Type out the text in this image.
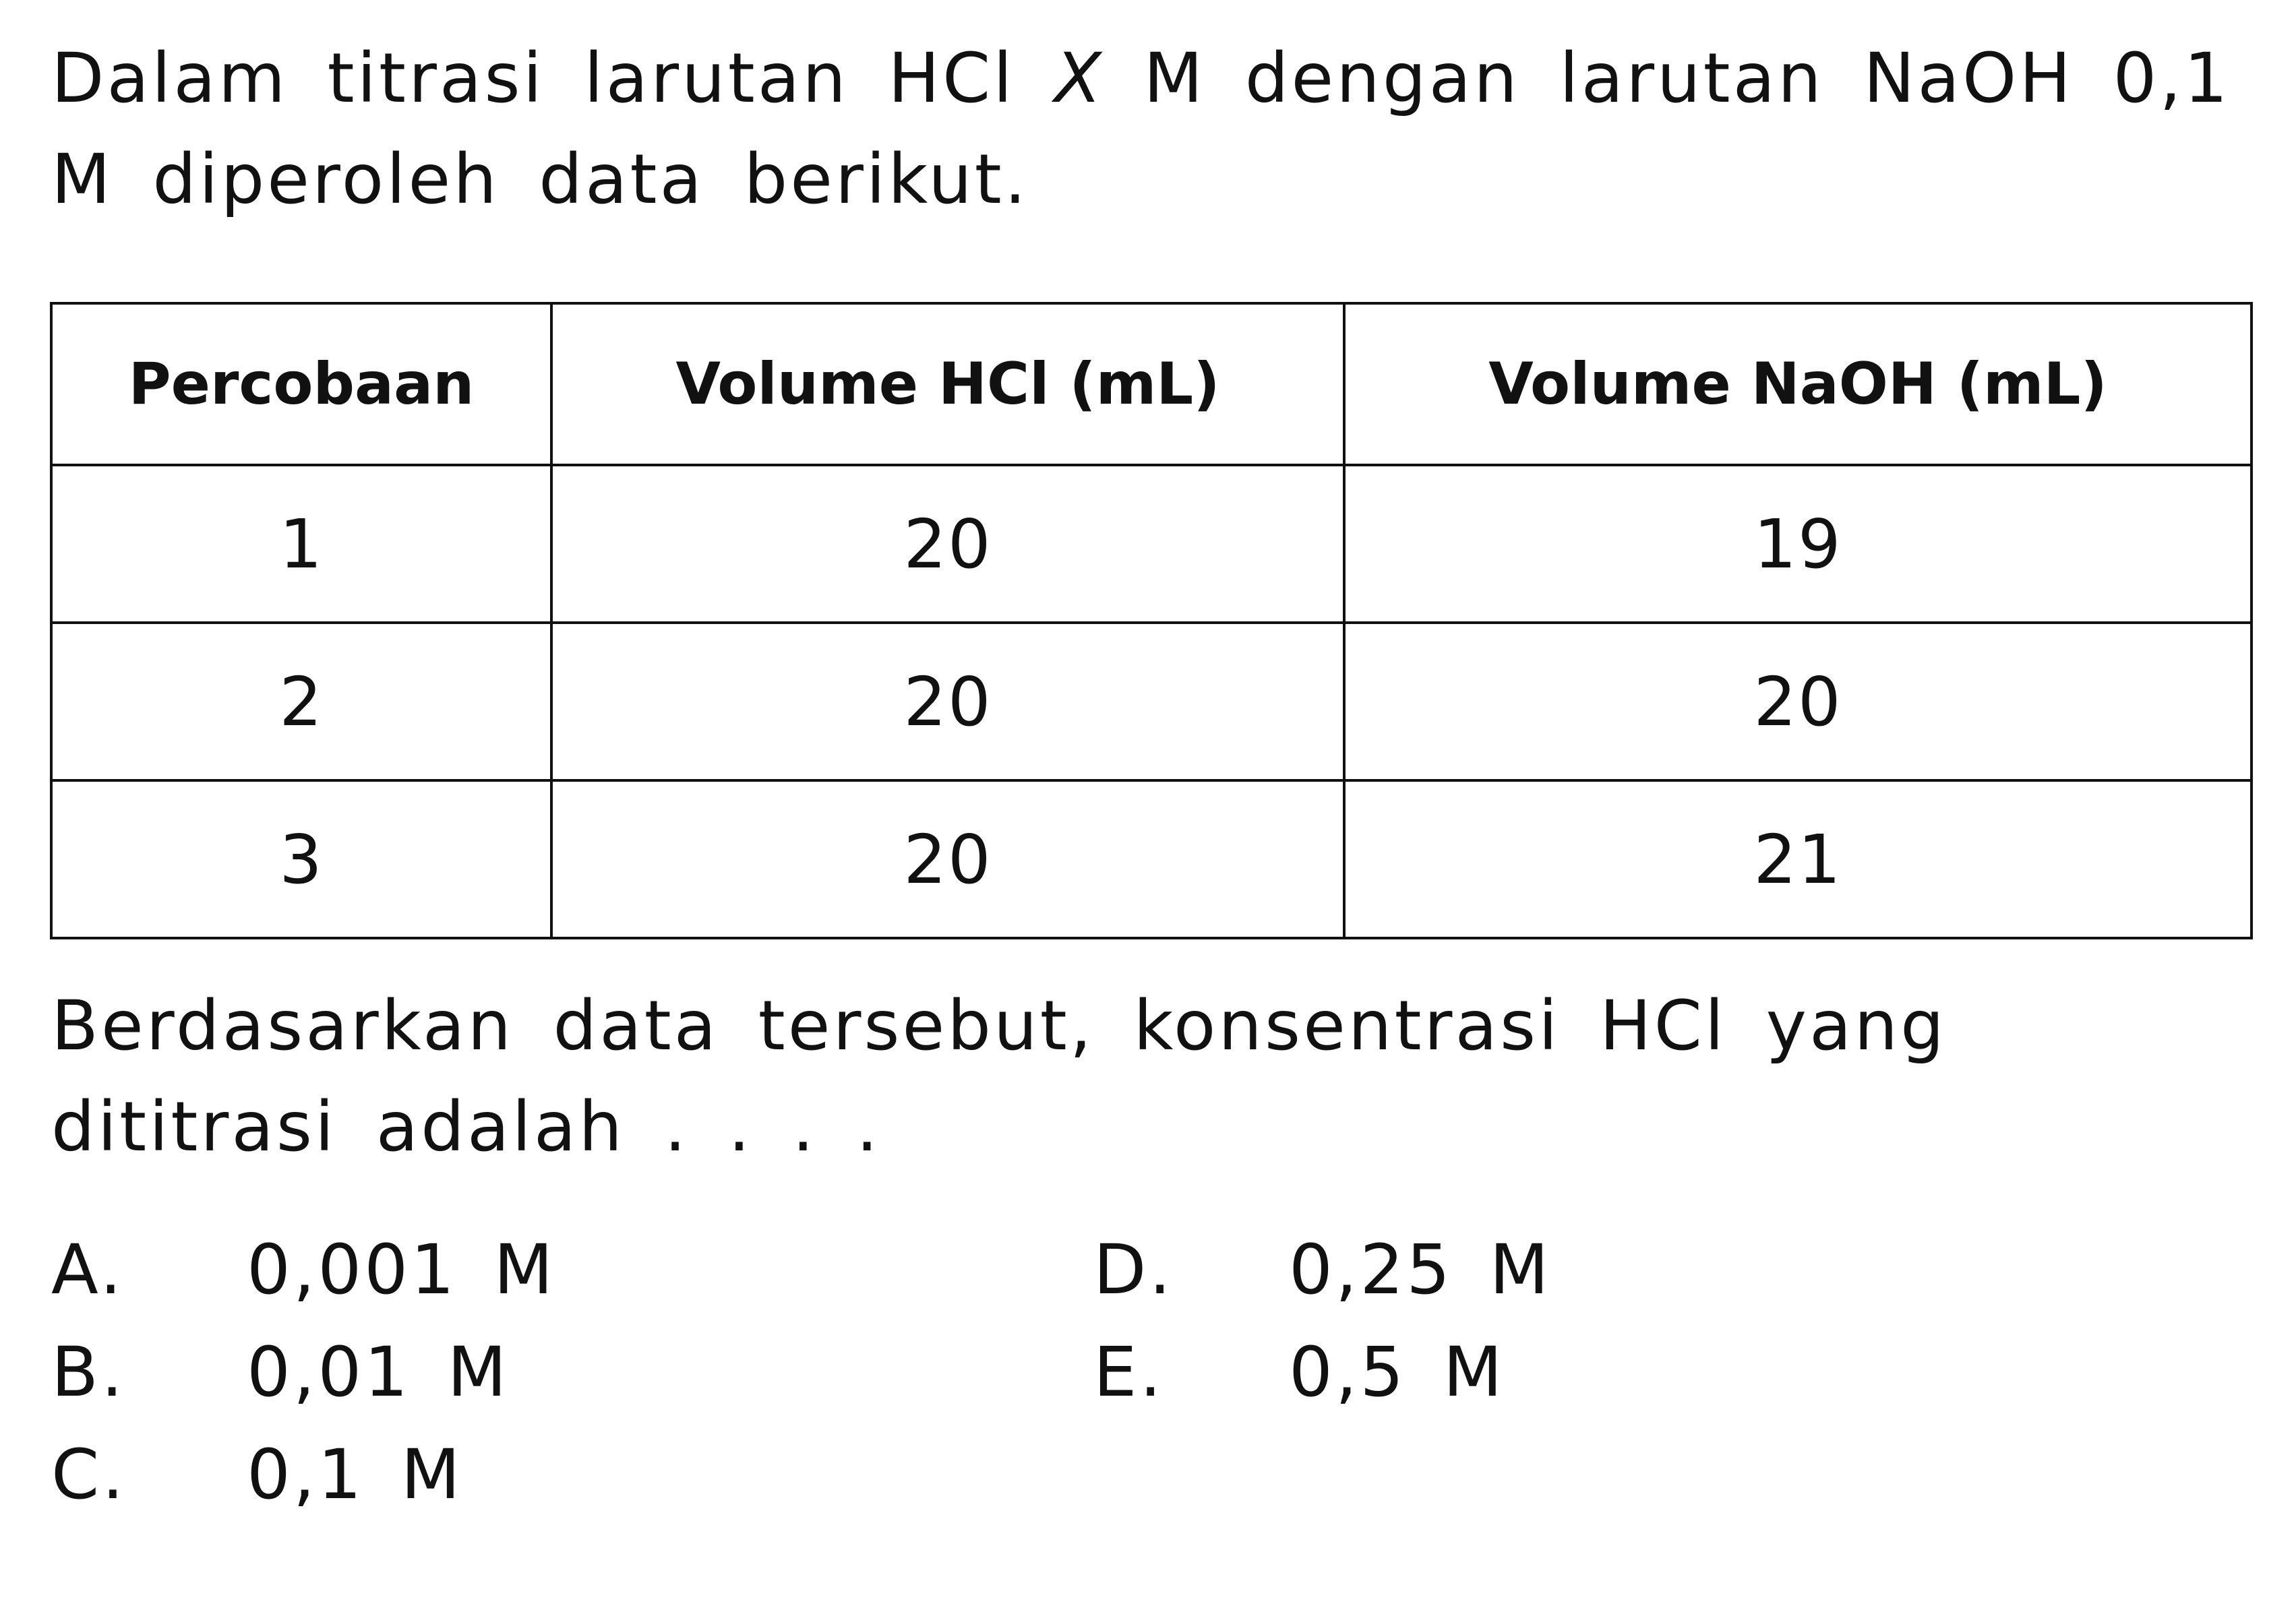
Dalam titrasi larutan HCl X M dengan larutan NaOH 0,1 M diperoleh data berikut.

Percobaan	Volume HCl (mL)	Volume NaOH (mL)
1	20	19
2	20	20
3	20	21

Berdasarkan data tersebut, konsentrasi HCl yang dititrasi adalah . . . .

A. 0,001 M
B. 0,01 M
C. 0,1 M
D. 0,25 M
E. 0,5 M
